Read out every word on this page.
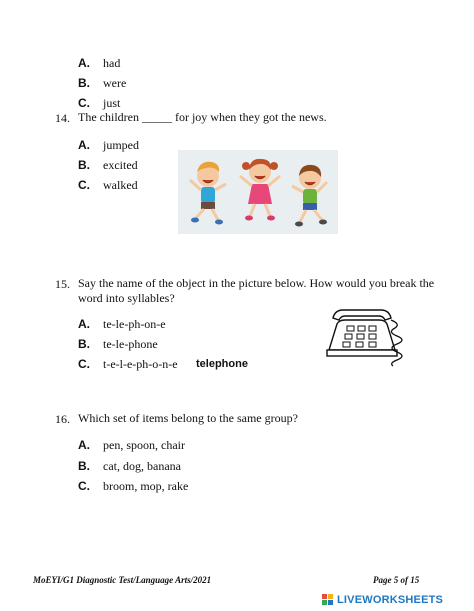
A. had
B. were
C. just
14. The children _____ for joy when they got the news.
A. jumped
B. excited
C. walked
15. Say the name of the object in the picture below. How would you break the
word into syllables?
A. te-le-ph-on-e
B. te-le-phone
C. t-e-l-e-ph-o-n-e telephone
16. Which set of items belong to the same group?
A. pen, spoon, chair
B. cat, dog, banana
C. broom, mop, rake
MoEYI/G1 Diagnostic Test/Language Arts/2021	Page 5 of 15
LIVEWORKSHEETS
